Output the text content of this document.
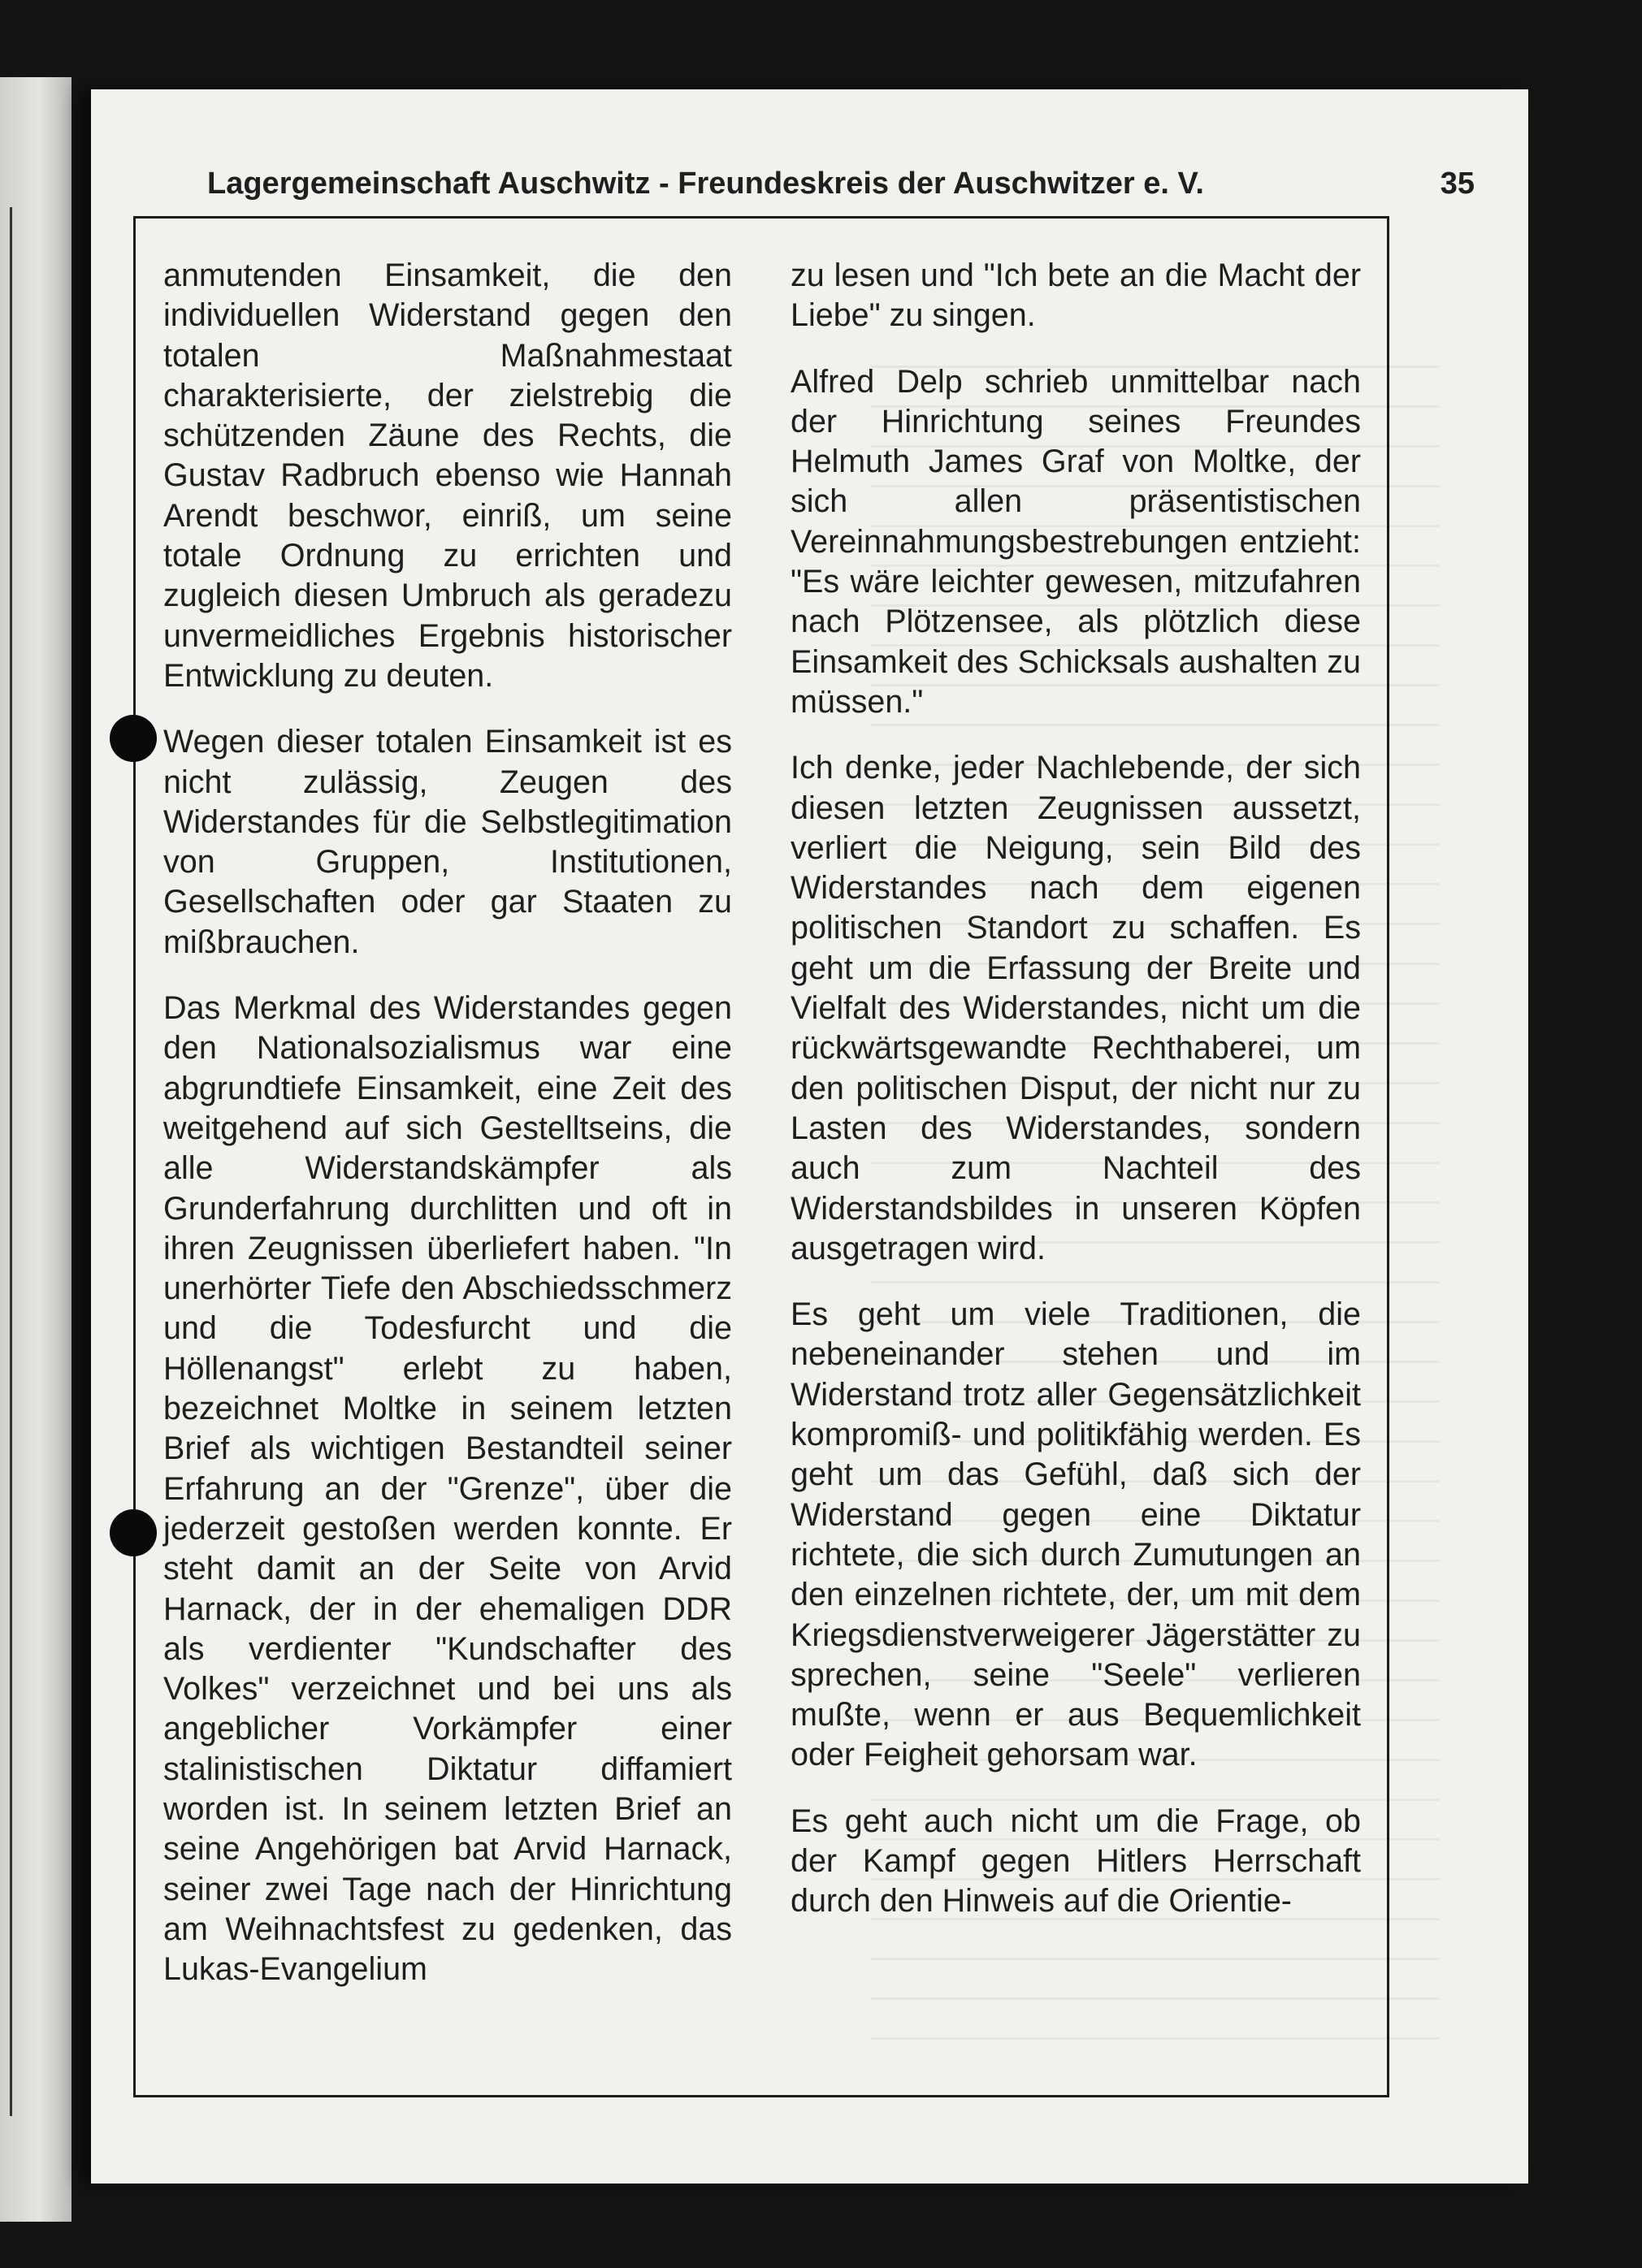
Lagergemeinschaft Auschwitz - Freundeskreis der Auschwitzer e. V.	35

anmutenden Einsamkeit, die den individuellen Widerstand gegen den totalen Maßnahmestaat charakterisierte, der zielstrebig die schützenden Zäune des Rechts, die Gustav Radbruch ebenso wie Hannah Arendt beschwor, einriß, um seine totale Ordnung zu errichten und zugleich diesen Umbruch als geradezu unvermeidliches Ergebnis historischer Entwicklung zu deuten.

Wegen dieser totalen Einsamkeit ist es nicht zulässig, Zeugen des Widerstandes für die Selbstlegitimation von Gruppen, Institutionen, Gesellschaften oder gar Staaten zu mißbrauchen.

Das Merkmal des Widerstandes gegen den Nationalsozialismus war eine abgrundtiefe Einsamkeit, eine Zeit des weitgehend auf sich Gestelltseins, die alle Widerstandskämpfer als Grunderfahrung durchlitten und oft in ihren Zeugnissen überliefert haben. "In unerhörter Tiefe den Abschiedsschmerz und die Todesfurcht und die Höllenangst" erlebt zu haben, bezeichnet Moltke in seinem letzten Brief als wichtigen Bestandteil seiner Erfahrung an der "Grenze", über die jederzeit gestoßen werden konnte. Er steht damit an der Seite von Arvid Harnack, der in der ehemaligen DDR als verdienter "Kundschafter des Volkes" verzeichnet und bei uns als angeblicher Vorkämpfer einer stalinistischen Diktatur diffamiert worden ist. In seinem letzten Brief an seine Angehörigen bat Arvid Harnack, seiner zwei Tage nach der Hinrichtung am Weihnachtsfest zu gedenken, das Lukas-Evangelium

zu lesen und "Ich bete an die Macht der Liebe" zu singen.

Alfred Delp schrieb unmittelbar nach der Hinrichtung seines Freundes Helmuth James Graf von Moltke, der sich allen präsentistischen Vereinnahmungsbestrebungen entzieht: "Es wäre leichter gewesen, mitzufahren nach Plötzensee, als plötzlich diese Einsamkeit des Schicksals aushalten zu müssen."

Ich denke, jeder Nachlebende, der sich diesen letzten Zeugnissen aussetzt, verliert die Neigung, sein Bild des Widerstandes nach dem eigenen politischen Standort zu schaffen. Es geht um die Erfassung der Breite und Vielfalt des Widerstandes, nicht um die rückwärtsgewandte Rechthaberei, um den politischen Disput, der nicht nur zu Lasten des Widerstandes, sondern auch zum Nachteil des Widerstandsbildes in unseren Köpfen ausgetragen wird.

Es geht um viele Traditionen, die nebeneinander stehen und im Widerstand trotz aller Gegensätzlichkeit kompromiß- und politikfähig werden. Es geht um das Gefühl, daß sich der Widerstand gegen eine Diktatur richtete, die sich durch Zumutungen an den einzelnen richtete, der, um mit dem Kriegsdienstverweigerer Jägerstätter zu sprechen, seine "Seele" verlieren mußte, wenn er aus Bequemlichkeit oder Feigheit gehorsam war.

Es geht auch nicht um die Frage, ob der Kampf gegen Hitlers Herrschaft durch den Hinweis auf die Orientie-
